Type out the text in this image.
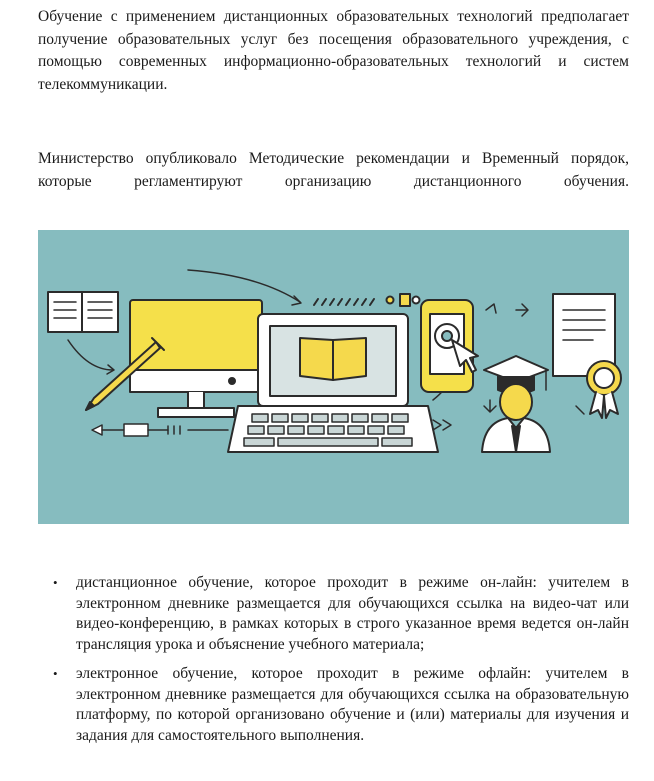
Обучение с применением дистанционных образовательных технологий предполагает получение образовательных услуг без посещения образовательного учреждения, с помощью современных информационно-образовательных технологий и систем телекоммуникации.

Министерство опубликовало Методические рекомендации и Временный порядок, которые регламентируют организацию дистанционного обучения.

• дистанционное обучение, которое проходит в режиме он-лайн: учителем в электронном дневнике размещается для обучающихся ссылка на видео-чат или видео-конференцию, в рамках которых в строго указанное время ведется он-лайн трансляция урока и объяснение учебного материала;
• электронное обучение, которое проходит в режиме офлайн: учителем в электронном дневнике размещается для обучающихся ссылка на образовательную платформу, по которой организовано обучение и (или) материалы для изучения и задания для самостоятельного выполнения.
